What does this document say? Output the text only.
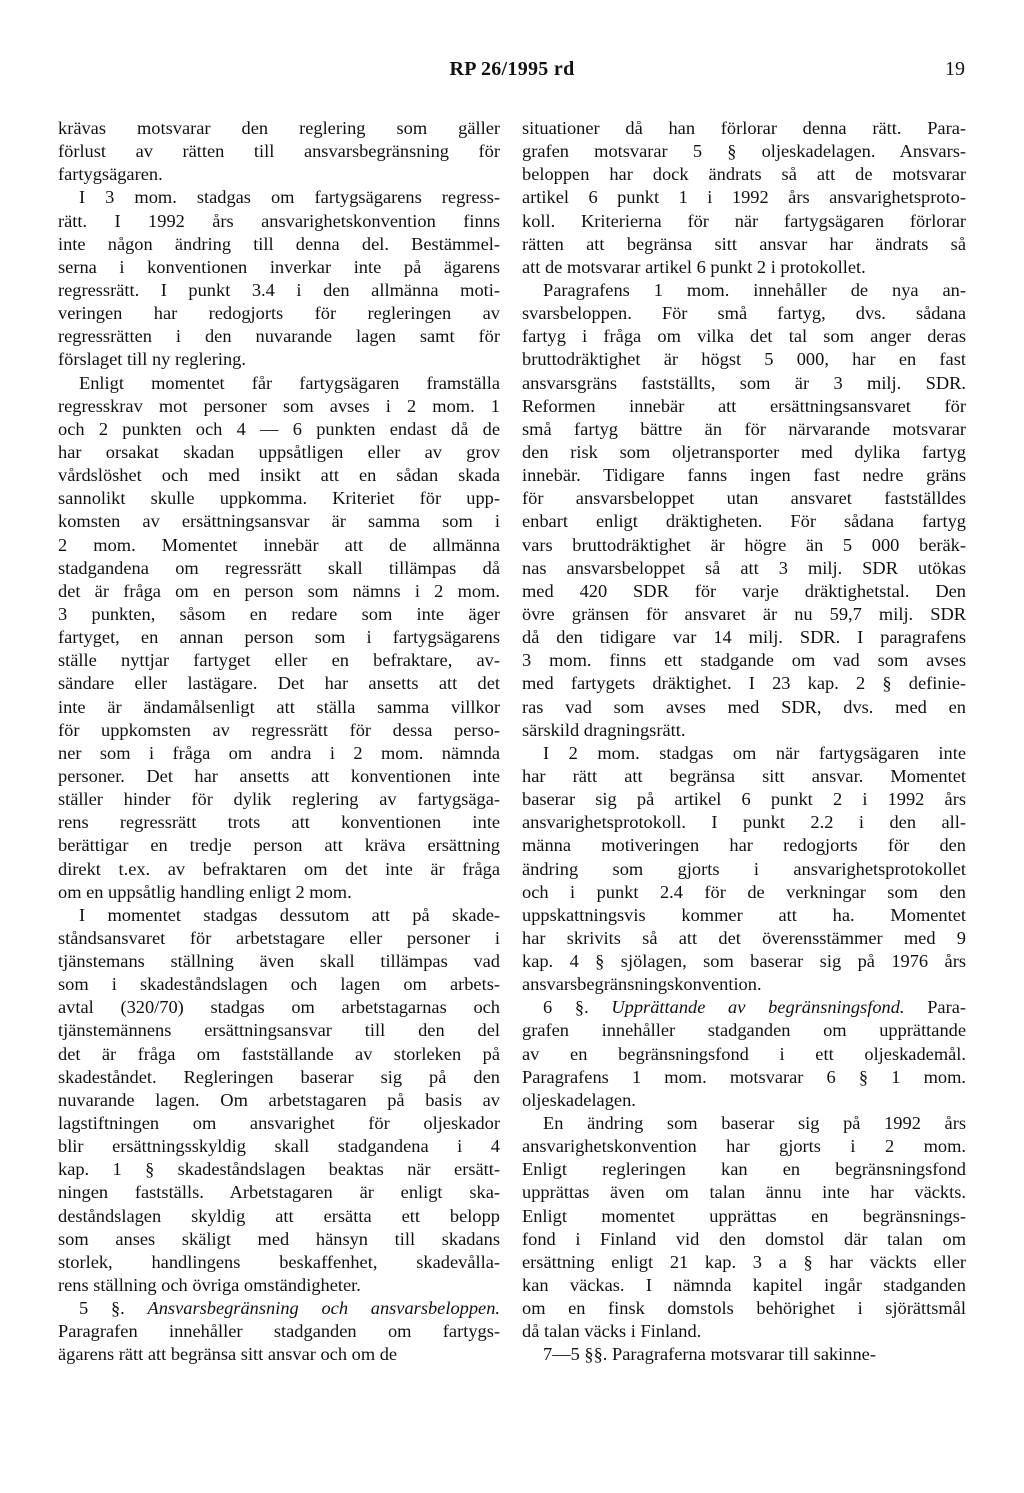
RP 26/1995 rd	19
krävas motsvarar den reglering som gäller
förlust av rätten till ansvarsbegränsning för
fartygsägaren.
I 3 mom. stadgas om fartygsägarens regress-
rätt. I 1992 års ansvarighetskonvention finns
inte någon ändring till denna del. Bestämmel-
serna i konventionen inverkar inte på ägarens
regressrätt. I punkt 3.4 i den allmänna moti-
veringen har redogjorts för regleringen av
regressrätten i den nuvarande lagen samt för
förslaget till ny reglering.
Enligt momentet får fartygsägaren framställa
regresskrav mot personer som avses i 2 mom. 1
och 2 punkten och 4 — 6 punkten endast då de
har orsakat skadan uppsåtligen eller av grov
vårdslöshet och med insikt att en sådan skada
sannolikt skulle uppkomma. Kriteriet för upp-
komsten av ersättningsansvar är samma som i
2 mom. Momentet innebär att de allmänna
stadgandena om regressrätt skall tillämpas då
det är fråga om en person som nämns i 2 mom.
3 punkten, såsom en redare som inte äger
fartyget, en annan person som i fartygsägarens
ställe nyttjar fartyget eller en befraktare, av-
sändare eller lastägare. Det har ansetts att det
inte är ändamålsenligt att ställa samma villkor
för uppkomsten av regressrätt för dessa perso-
ner som i fråga om andra i 2 mom. nämnda
personer. Det har ansetts att konventionen inte
ställer hinder för dylik reglering av fartygsäga-
rens regressrätt trots att konventionen inte
berättigar en tredje person att kräva ersättning
direkt t.ex. av befraktaren om det inte är fråga
om en uppsåtlig handling enligt 2 mom.
I momentet stadgas dessutom att på skade-
ståndsansvaret för arbetstagare eller personer i
tjänstemans ställning även skall tillämpas vad
som i skadeståndslagen och lagen om arbets-
avtal (320/70) stadgas om arbetstagarnas och
tjänstemännens ersättningsansvar till den del
det är fråga om fastställande av storleken på
skadeståndet. Regleringen baserar sig på den
nuvarande lagen. Om arbetstagaren på basis av
lagstiftningen om ansvarighet för oljeskador
blir ersättningsskyldig skall stadgandena i 4
kap. 1 § skadeståndslagen beaktas när ersätt-
ningen fastställs. Arbetstagaren är enligt ska-
deståndslagen skyldig att ersätta ett belopp
som anses skäligt med hänsyn till skadans
storlek, handlingens beskaffenhet, skadevålla-
rens ställning och övriga omständigheter.
5 §. Ansvarsbegränsning och ansvarsbeloppen.
Paragrafen innehåller stadganden om fartygs-
ägarens rätt att begränsa sitt ansvar och om de
situationer då han förlorar denna rätt. Para-
grafen motsvarar 5 § oljeskadelagen. Ansvars-
beloppen har dock ändrats så att de motsvarar
artikel 6 punkt 1 i 1992 års ansvarighetsproto-
koll. Kriterierna för när fartygsägaren förlorar
rätten att begränsa sitt ansvar har ändrats så
att de motsvarar artikel 6 punkt 2 i protokollet.
Paragrafens 1 mom. innehåller de nya an-
svarsbeloppen. För små fartyg, dvs. sådana
fartyg i fråga om vilka det tal som anger deras
bruttodräktighet är högst 5 000, har en fast
ansvarsgräns fastställts, som är 3 milj. SDR.
Reformen innebär att ersättningsansvaret för
små fartyg bättre än för närvarande motsvarar
den risk som oljetransporter med dylika fartyg
innebär. Tidigare fanns ingen fast nedre gräns
för ansvarsbeloppet utan ansvaret fastställdes
enbart enligt dräktigheten. För sådana fartyg
vars bruttodräktighet är högre än 5 000 beräk-
nas ansvarsbeloppet så att 3 milj. SDR utökas
med 420 SDR för varje dräktighetstal. Den
övre gränsen för ansvaret är nu 59,7 milj. SDR
då den tidigare var 14 milj. SDR. I paragrafens
3 mom. finns ett stadgande om vad som avses
med fartygets dräktighet. I 23 kap. 2 § definie-
ras vad som avses med SDR, dvs. med en
särskild dragningsrätt.
I 2 mom. stadgas om när fartygsägaren inte
har rätt att begränsa sitt ansvar. Momentet
baserar sig på artikel 6 punkt 2 i 1992 års
ansvarighetsprotokoll. I punkt 2.2 i den all-
männa motiveringen har redogjorts för den
ändring som gjorts i ansvarighetsprotokollet
och i punkt 2.4 för de verkningar som den
uppskattningsvis kommer att ha. Momentet
har skrivits så att det överensstämmer med 9
kap. 4 § sjölagen, som baserar sig på 1976 års
ansvarsbegränsningskonvention.
6 §. Upprättande av begränsningsfond. Para-
grafen innehåller stadganden om upprättande
av en begränsningsfond i ett oljeskademål.
Paragrafens 1 mom. motsvarar 6 § 1 mom.
oljeskadelagen.
En ändring som baserar sig på 1992 års
ansvarighetskonvention har gjorts i 2 mom.
Enligt regleringen kan en begränsningsfond
upprättas även om talan ännu inte har väckts.
Enligt momentet upprättas en begränsnings-
fond i Finland vid den domstol där talan om
ersättning enligt 21 kap. 3 a § har väckts eller
kan väckas. I nämnda kapitel ingår stadganden
om en finsk domstols behörighet i sjörättsmål
då talan väcks i Finland.
7—5 §§. Paragraferna motsvarar till sakinne-
